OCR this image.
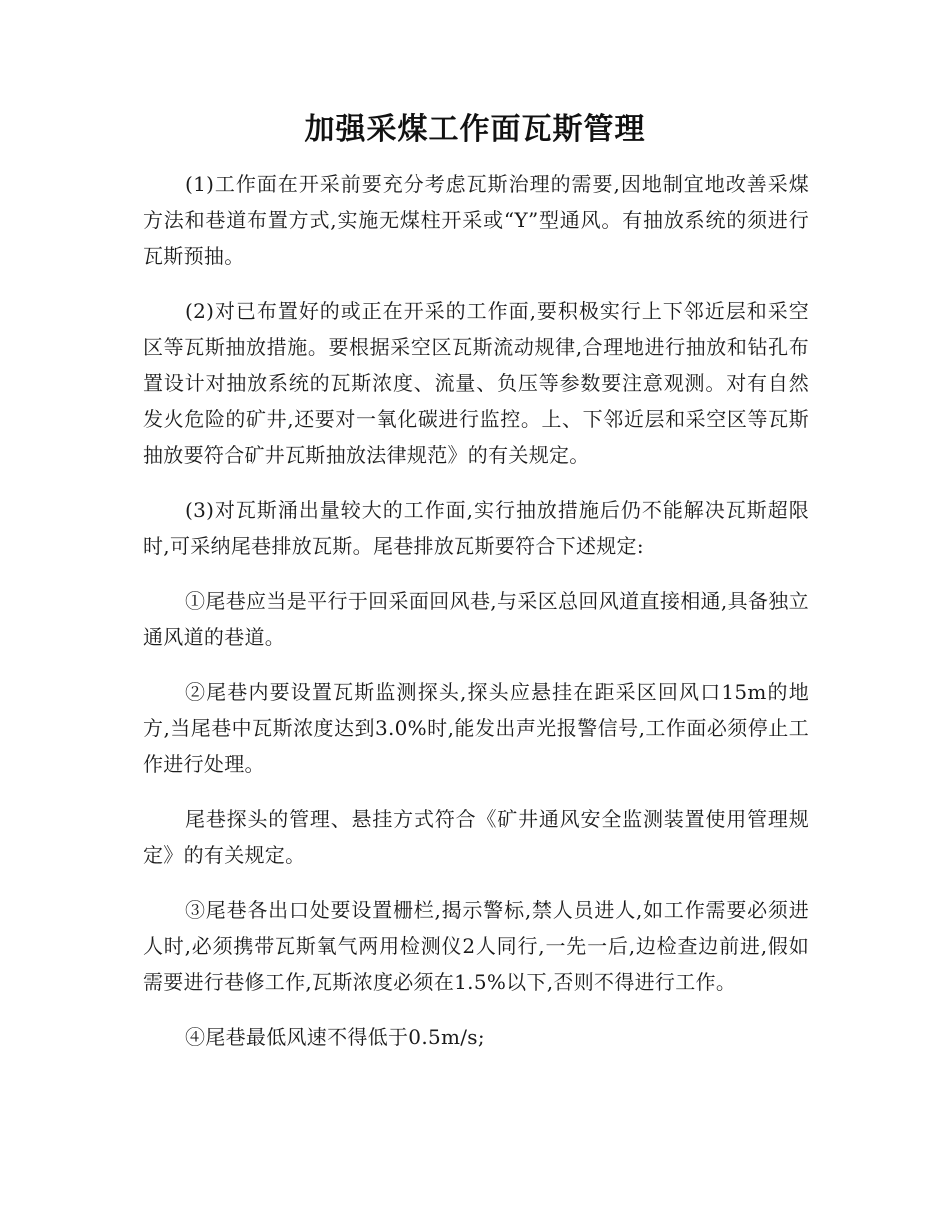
加强采煤工作面瓦斯管理

(1)工作面在开采前要充分考虑瓦斯治理的需要,因地制宜地改善采煤方法和巷道布置方式,实施无煤柱开采或“Y”型通风。有抽放系统的须进行瓦斯预抽。

(2)对已布置好的或正在开采的工作面,要积极实行上下邻近层和采空区等瓦斯抽放措施。要根据采空区瓦斯流动规律,合理地进行抽放和钻孔布置设计对抽放系统的瓦斯浓度、流量、负压等参数要注意观测。对有自然发火危险的矿井,还要对一氧化碳进行监控。上、下邻近层和采空区等瓦斯抽放要符合矿井瓦斯抽放法律规范》的有关规定。

(3)对瓦斯涌出量较大的工作面,实行抽放措施后仍不能解决瓦斯超限时,可采纳尾巷排放瓦斯。尾巷排放瓦斯要符合下述规定:

①尾巷应当是平行于回采面回风巷,与采区总回风道直接相通,具备独立通风道的巷道。

②尾巷内要设置瓦斯监测探头,探头应悬挂在距采区回风口15m的地方,当尾巷中瓦斯浓度达到3.0%时,能发出声光报警信号,工作面必须停止工作进行处理。

尾巷探头的管理、悬挂方式符合《矿井通风安全监测装置使用管理规定》的有关规定。

③尾巷各出口处要设置栅栏,揭示警标,禁人员进人,如工作需要必须进人时,必须携带瓦斯氧气两用检测仪2人同行,一先一后,边检查边前进,假如需要进行巷修工作,瓦斯浓度必须在1.5%以下,否则不得进行工作。

④尾巷最低风速不得低于0.5m/s;
